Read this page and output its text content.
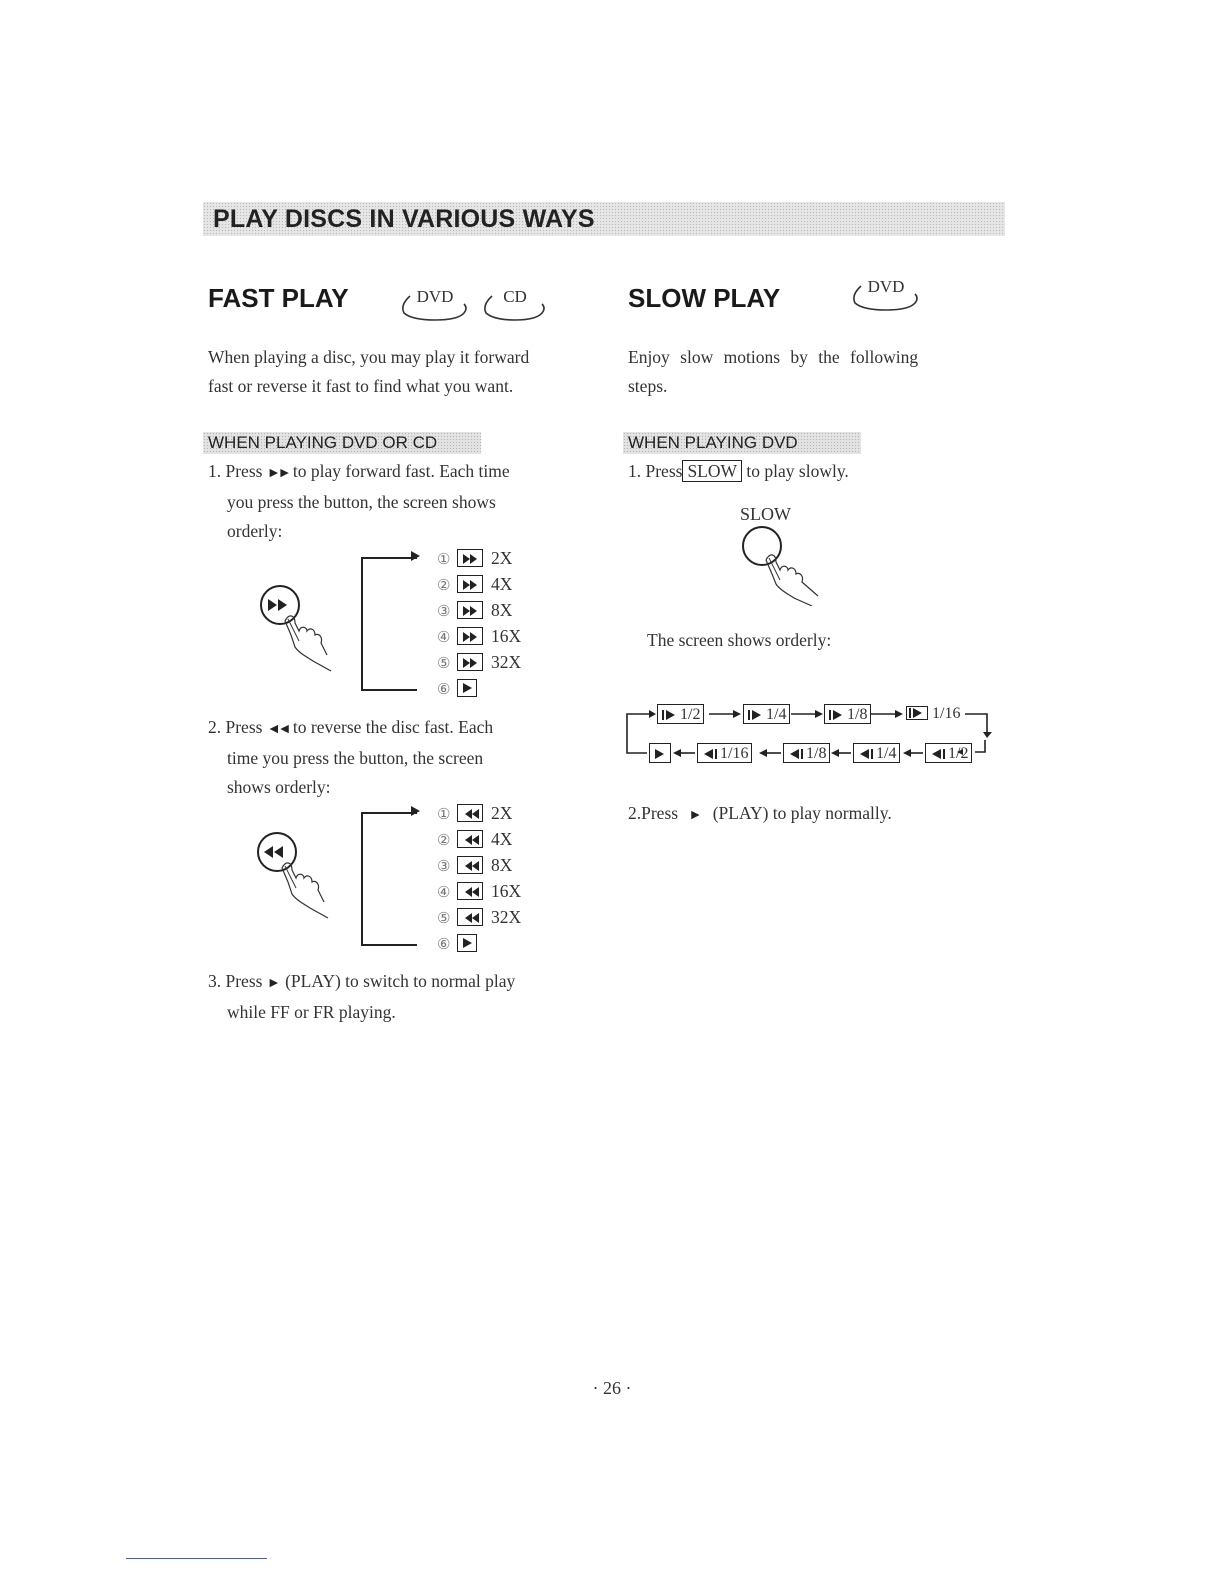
PLAY DISCS IN VARIOUS WAYS
FAST PLAY	DVD	CD
When playing a disc, you may play it forward
fast or reverse it fast to find what you want.
WHEN PLAYING DVD OR CD
1. Press ►► to play forward fast. Each time
you press the button, the screen shows
orderly:
① 2X
② 4X
③ 8X
④ 16X
⑤ 32X
⑥
2. Press ◄◄ to reverse the disc fast. Each
time you press the button, the screen
shows orderly:
① 2X
② 4X
③ 8X
④ 16X
⑤ 32X
⑥
3. Press ► (PLAY) to switch to normal play
while FF or FR playing.
SLOW PLAY	DVD
Enjoy slow motions by the following
steps.
WHEN PLAYING DVD
1. Press SLOW to play slowly.
SLOW
The screen shows orderly:
1/2	1/4	1/8	1/16
1/16	1/8	1/4	1/2
2.Press ► (PLAY) to play normally.
· 26 ·
